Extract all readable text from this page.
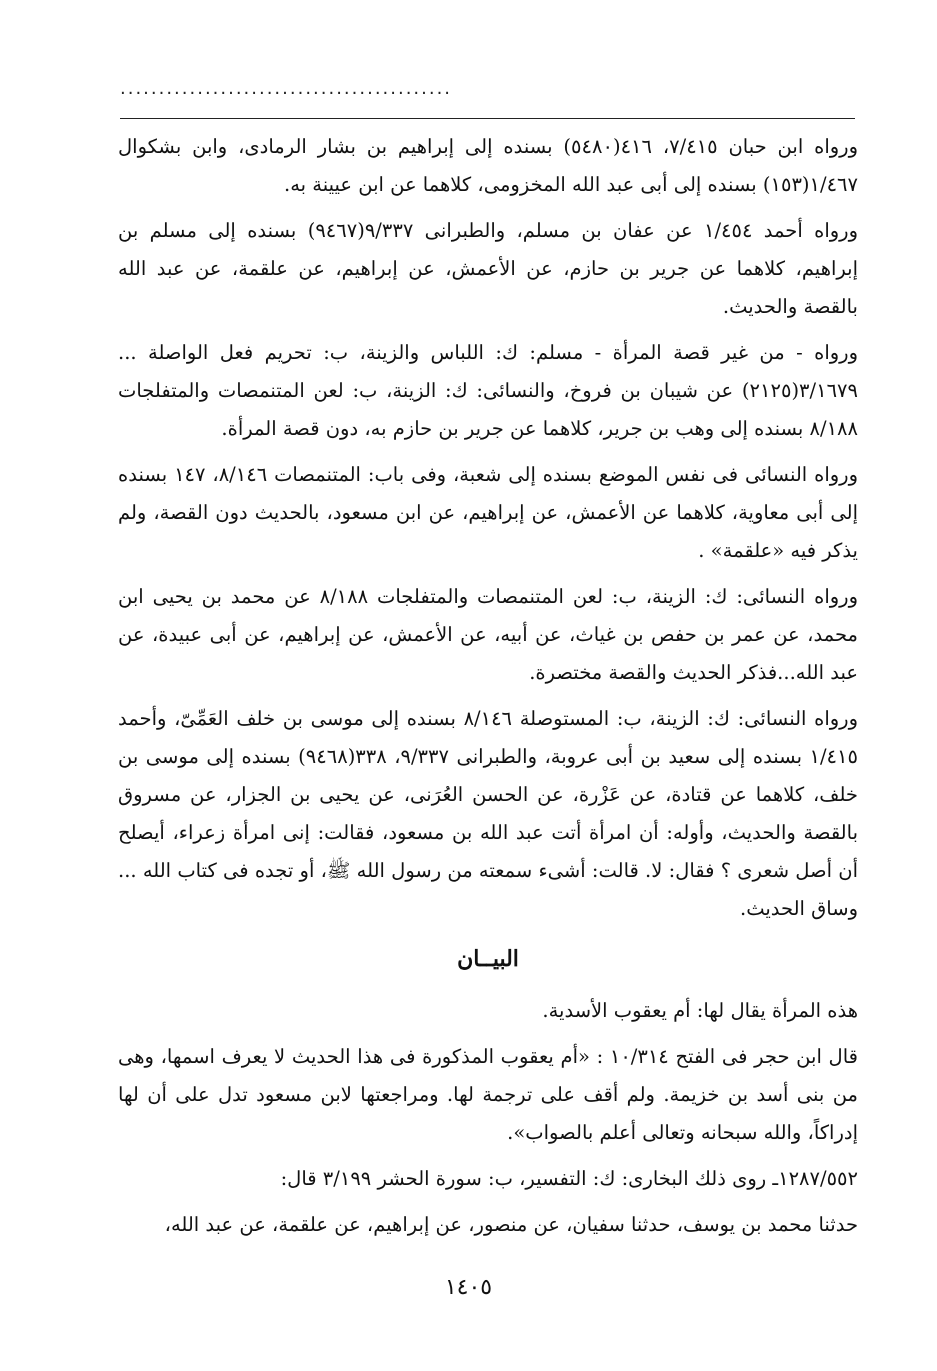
...........................................

ورواه ابن حبان ٧/٤١٥، ٤١٦(٥٤٨٠) بسنده إلى إبراهيم بن بشار الرمادى، وابن بشكوال ١/٤٦٧(١٥٣) بسنده إلى أبى عبد الله المخزومى، كلاهما عن ابن عيينة به.

ورواه أحمد ١/٤٥٤ عن عفان بن مسلم، والطبرانى ٩/٣٣٧(٩٤٦٧) بسنده إلى مسلم بن إبراهيم، كلاهما عن جرير بن حازم، عن الأعمش، عن إبراهيم، عن علقمة، عن عبد الله بالقصة والحديث.

ورواه - من غير قصة المرأة - مسلم: ك: اللباس والزينة، ب: تحريم فعل الواصلة ... ٣/١٦٧٩(٢١٢٥) عن شيبان بن فروخ، والنسائى: ك: الزينة، ب: لعن المتنمصات والمتفلجات ٨/١٨٨ بسنده إلى وهب بن جرير، كلاهما عن جرير بن حازم به، دون قصة المرأة.

ورواه النسائى فى نفس الموضع بسنده إلى شعبة، وفى باب: المتنمصات ٨/١٤٦، ١٤٧ بسنده إلى أبى معاوية، كلاهما عن الأعمش، عن إبراهيم، عن ابن مسعود، بالحديث دون القصة، ولم يذكر فيه «علقمة» .

ورواه النسائى: ك: الزينة، ب: لعن المتنمصات والمتفلجات ٨/١٨٨ عن محمد بن يحيى ابن محمد، عن عمر بن حفص بن غياث، عن أبيه، عن الأعمش، عن إبراهيم، عن أبى عبيدة، عن عبد الله...فذكر الحديث والقصة مختصرة.

ورواه النسائى: ك: الزينة، ب: المستوصلة ٨/١٤٦ بسنده إلى موسى بن خلف العَمِّىّ، وأحمد ١/٤١٥ بسنده إلى سعيد بن أبى عروبة، والطبرانى ٩/٣٣٧، ٣٣٨(٩٤٦٨) بسنده إلى موسى بن خلف، كلاهما عن قتادة، عن عَزْرة، عن الحسن العُرَنى، عن يحيى بن الجزار، عن مسروق بالقصة والحديث، وأوله: أن امرأة أتت عبد الله بن مسعود، فقالت: إنى امرأة زعراء، أيصلح أن أصل شعرى ؟ فقال: لا. قالت: أشىء سمعته من رسول الله ﷺ، أو تجده فى كتاب الله ... وساق الحديث.

البيــان

هذه المرأة يقال لها: أم يعقوب الأسدية.

قال ابن حجر فى الفتح ١٠/٣١٤ : «أم يعقوب المذكورة فى هذا الحديث لا يعرف اسمها، وهى من بنى أسد بن خزيمة. ولم أقف على ترجمة لها. ومراجعتها لابن مسعود تدل على أن لها إدراكاً، والله سبحانه وتعالى أعلم بالصواب».

١٢٨٧/٥٥٢ـ روى ذلك البخارى: ك: التفسير، ب: سورة الحشر ٣/١٩٩ قال:

حدثنا محمد بن يوسف، حدثنا سفيان، عن منصور، عن إبراهيم، عن علقمة، عن عبد الله،

١٤٠٥
